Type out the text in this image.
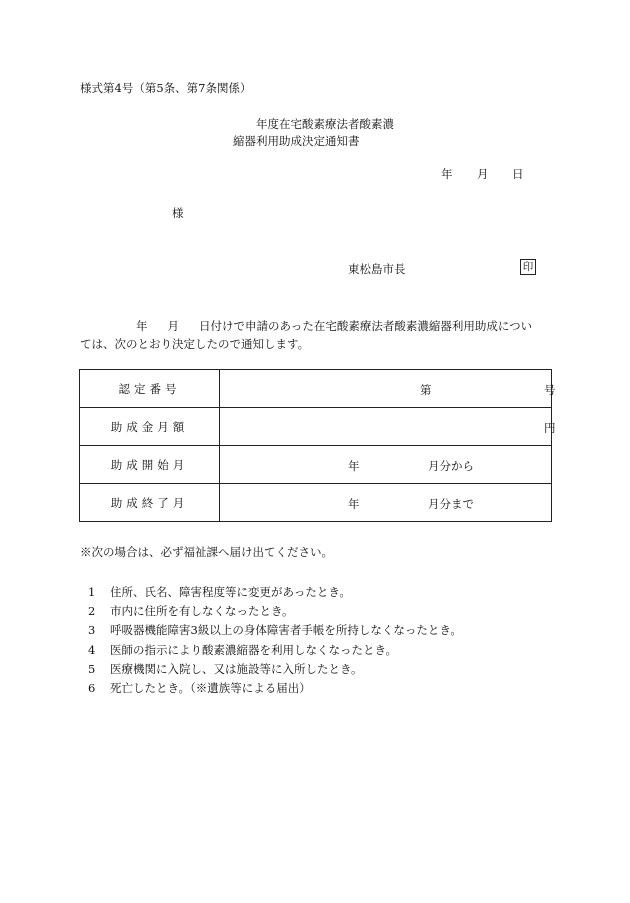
様式第4号（第5条、第7条関係）
年度在宅酸素療法者酸素濃
縮器利用助成決定通知書
年 月 日
様
東松島市長	印
年 月 日付けで申請のあった在宅酸素療法者酸素濃縮器利用助成につい
ては、次のとおり決定したので通知します。
認定番号	第 号

助成金月額	円

助成開始月	年 月分から

助成終了月	年 月分まで
※次の場合は、必ず福祉課へ届け出てください。
1 住所、氏名、障害程度等に変更があったとき。
2 市内に住所を有しなくなったとき。
3 呼吸器機能障害3級以上の身体障害者手帳を所持しなくなったとき。
4 医師の指示により酸素濃縮器を利用しなくなったとき。
5 医療機関に入院し、又は施設等に入所したとき。
6 死亡したとき。（※遺族等による届出）
